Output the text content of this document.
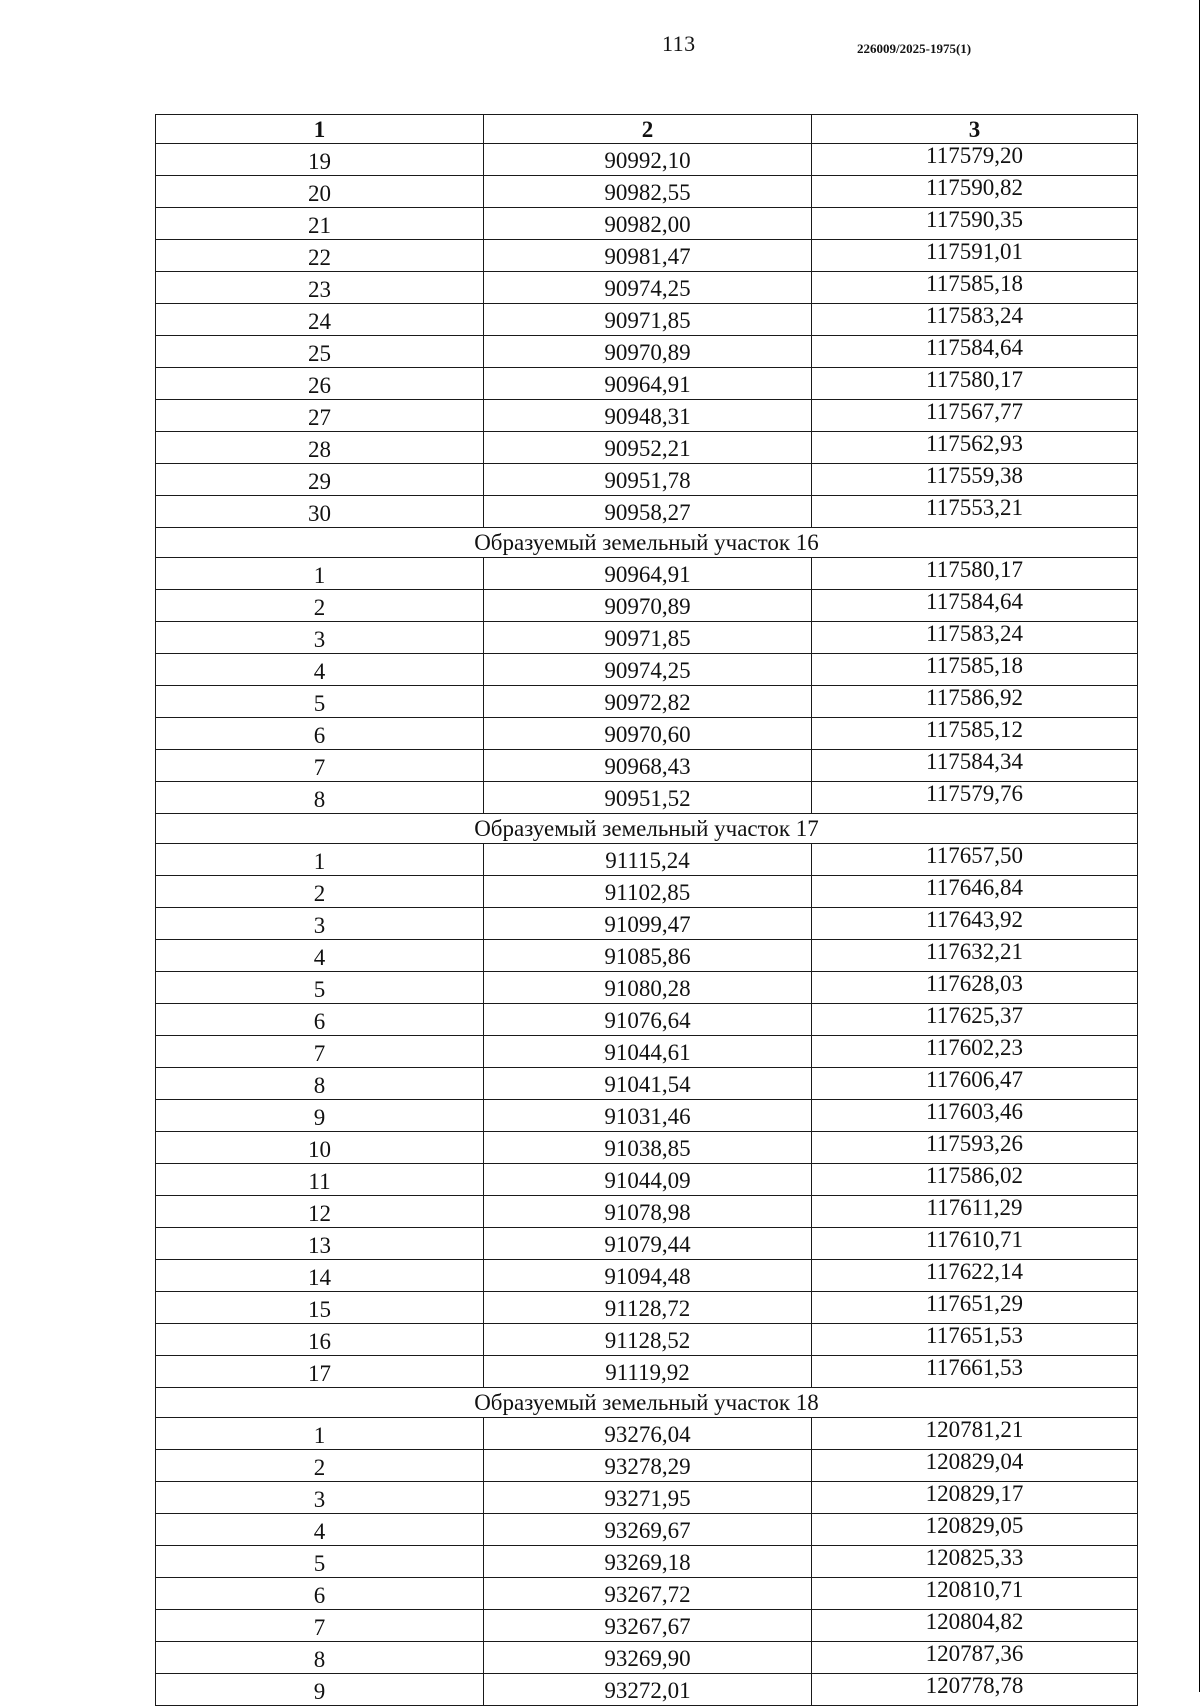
113	226009/2025-1975(1)
1	2	3
19	90992,10	117579,20
20	90982,55	117590,82
21	90982,00	117590,35
22	90981,47	117591,01
23	90974,25	117585,18
24	90971,85	117583,24
25	90970,89	117584,64
26	90964,91	117580,17
27	90948,31	117567,77
28	90952,21	117562,93
29	90951,78	117559,38
30	90958,27	117553,21
Образуемый земельный участок 16		
1	90964,91	117580,17
2	90970,89	117584,64
3	90971,85	117583,24
4	90974,25	117585,18
5	90972,82	117586,92
6	90970,60	117585,12
7	90968,43	117584,34
8	90951,52	117579,76
Образуемый земельный участок 17		
1	91115,24	117657,50
2	91102,85	117646,84
3	91099,47	117643,92
4	91085,86	117632,21
5	91080,28	117628,03
6	91076,64	117625,37
7	91044,61	117602,23
8	91041,54	117606,47
9	91031,46	117603,46
10	91038,85	117593,26
11	91044,09	117586,02
12	91078,98	117611,29
13	91079,44	117610,71
14	91094,48	117622,14
15	91128,72	117651,29
16	91128,52	117651,53
17	91119,92	117661,53
Образуемый земельный участок 18		
1	93276,04	120781,21
2	93278,29	120829,04
3	93271,95	120829,17
4	93269,67	120829,05
5	93269,18	120825,33
6	93267,72	120810,71
7	93267,67	120804,82
8	93269,90	120787,36
9	93272,01	120778,78
